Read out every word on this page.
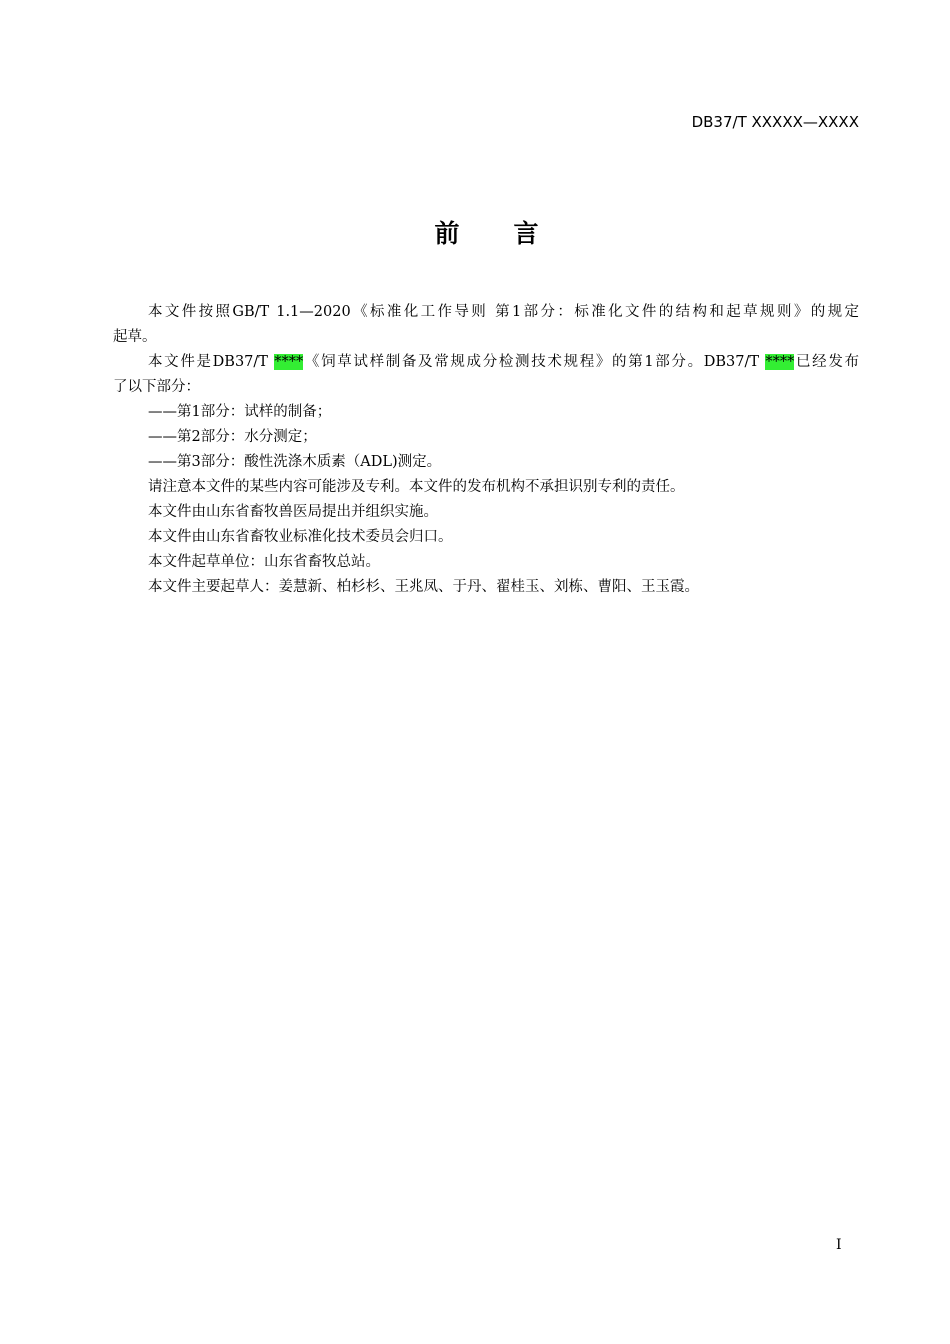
DB37/T XXXXX—XXXX
前 言
本文件按照GB/T 1.1—2020《标准化工作导则 第1部分：标准化文件的结构和起草规则》的规定
起草。
本文件是DB37/T ****《饲草试样制备及常规成分检测技术规程》的第1部分。DB37/T ****已经发布
了以下部分：
——第1部分：试样的制备；
——第2部分：水分测定；
——第3部分：酸性洗涤木质素（ADL)测定。
请注意本文件的某些内容可能涉及专利。本文件的发布机构不承担识别专利的责任。
本文件由山东省畜牧兽医局提出并组织实施。
本文件由山东省畜牧业标准化技术委员会归口。
本文件起草单位：山东省畜牧总站。
本文件主要起草人：姜慧新、柏杉杉、王兆凤、于丹、翟桂玉、刘栋、曹阳、王玉霞。
I
